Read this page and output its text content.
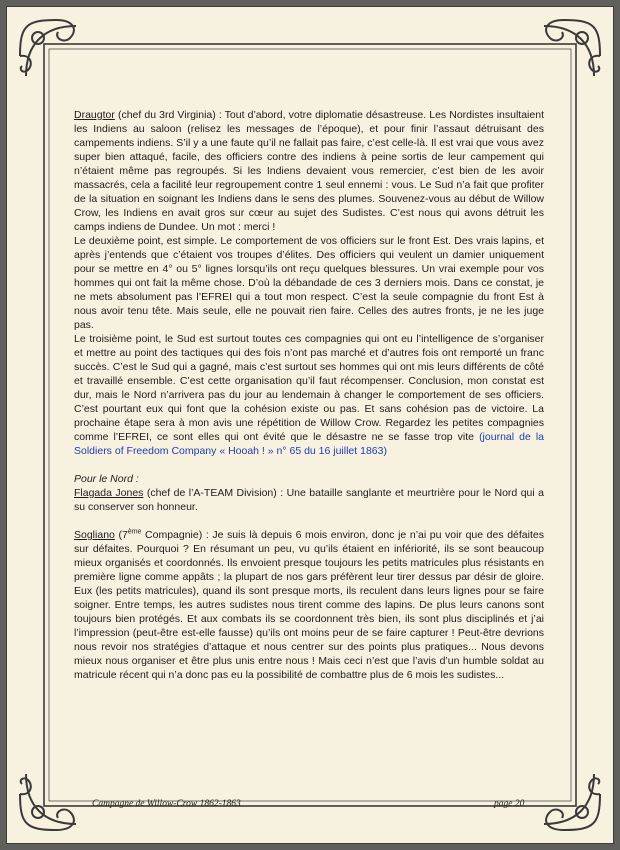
Draugtor (chef du 3rd Virginia) : Tout d’abord, votre diplomatie désastreuse. Les Nordistes insultaient les Indiens au saloon (relisez les messages de l’époque), et pour finir l’assaut détruisant des campements indiens. S’il y a une faute qu’il ne fallait pas faire, c’est celle-là. Il est vrai que vous avez super bien attaqué, facile, des officiers contre des indiens à peine sortis de leur campement qui n’étaient même pas regroupés. Si les Indiens devaient vous remercier, c’est bien de les avoir massacrés, cela a facilité leur regroupement contre 1 seul ennemi : vous. Le Sud n’a fait que profiter de la situation en soignant les Indiens dans le sens des plumes. Souvenez-vous au début de Willow Crow, les Indiens en avait gros sur cœur au sujet des Sudistes. C’est nous qui avons détruit les camps indiens de Dundee. Un mot : merci !

Le deuxième point, est simple. Le comportement de vos officiers sur le front Est. Des vrais lapins, et après j’entends que c’étaient vos troupes d’élites. Des officiers qui veulent un damier uniquement pour se mettre en 4° ou 5° lignes lorsqu’ils ont reçu quelques blessures. Un vrai exemple pour vos hommes qui ont fait la même chose. D’où la débandade de ces 3 derniers mois. Dans ce constat, je ne mets absolument pas l’EFREI qui a tout mon respect. C’est la seule compagnie du front Est à nous avoir tenu tête. Mais seule, elle ne pouvait rien faire. Celles des autres fronts, je ne les juge pas.

Le troisième point, le Sud est surtout toutes ces compagnies qui ont eu l’intelligence de s’organiser et mettre au point des tactiques qui des fois n’ont pas marché et d’autres fois ont remporté un franc succès. C’est le Sud qui a gagné, mais c’est surtout ses hommes qui ont mis leurs différents de côté et travaillé ensemble. C’est cette organisation qu’il faut récompenser. Conclusion, mon constat est dur, mais le Nord n’arrivera pas du jour au lendemain à changer le comportement de ses officiers. C’est pourtant eux qui font que la cohésion existe ou pas. Et sans cohésion pas de victoire. La prochaine étape sera à mon avis une répétition de Willow Crow. Regardez les petites compagnies comme l’EFREI, ce sont elles qui ont évité que le désastre ne se fasse trop vite (journal de la Soldiers of Freedom Company « Hooah ! » n° 65 du 16 juillet 1863)

Pour le Nord :

Flagada Jones (chef de l’A-TEAM Division) : Une bataille sanglante et meurtrière pour le Nord qui a su conserver son honneur.

Sogliano (7ème Compagnie) : Je suis là depuis 6 mois environ, donc je n’ai pu voir que des défaites sur défaites. Pourquoi ? En résumant un peu, vu qu’ils étaient en infériorité, ils se sont beaucoup mieux organisés et coordonnés. Ils envoient presque toujours les petits matricules plus résistants en première ligne comme appâts ; la plupart de nos gars préfèrent leur tirer dessus par désir de gloire. Eux (les petits matricules), quand ils sont presque morts, ils reculent dans leurs lignes pour se faire soigner. Entre temps, les autres sudistes nous tirent comme des lapins. De plus leurs canons sont toujours bien protégés. Et aux combats ils se coordonnent très bien, ils sont plus disciplinés et j’ai l’impression (peut-être est-elle fausse) qu’ils ont moins peur de se faire capturer ! Peut-être devrions nous revoir nos stratégies d’attaque et nous centrer sur des points plus pratiques... Nous devons mieux nous organiser et être plus unis entre nous ! Mais ceci n’est que l’avis d’un humble soldat au matricule récent qui n’a donc pas eu la possibilité de combattre plus de 6 mois les sudistes...

Campagne de Willow-Crow 1862-1863	page 20
